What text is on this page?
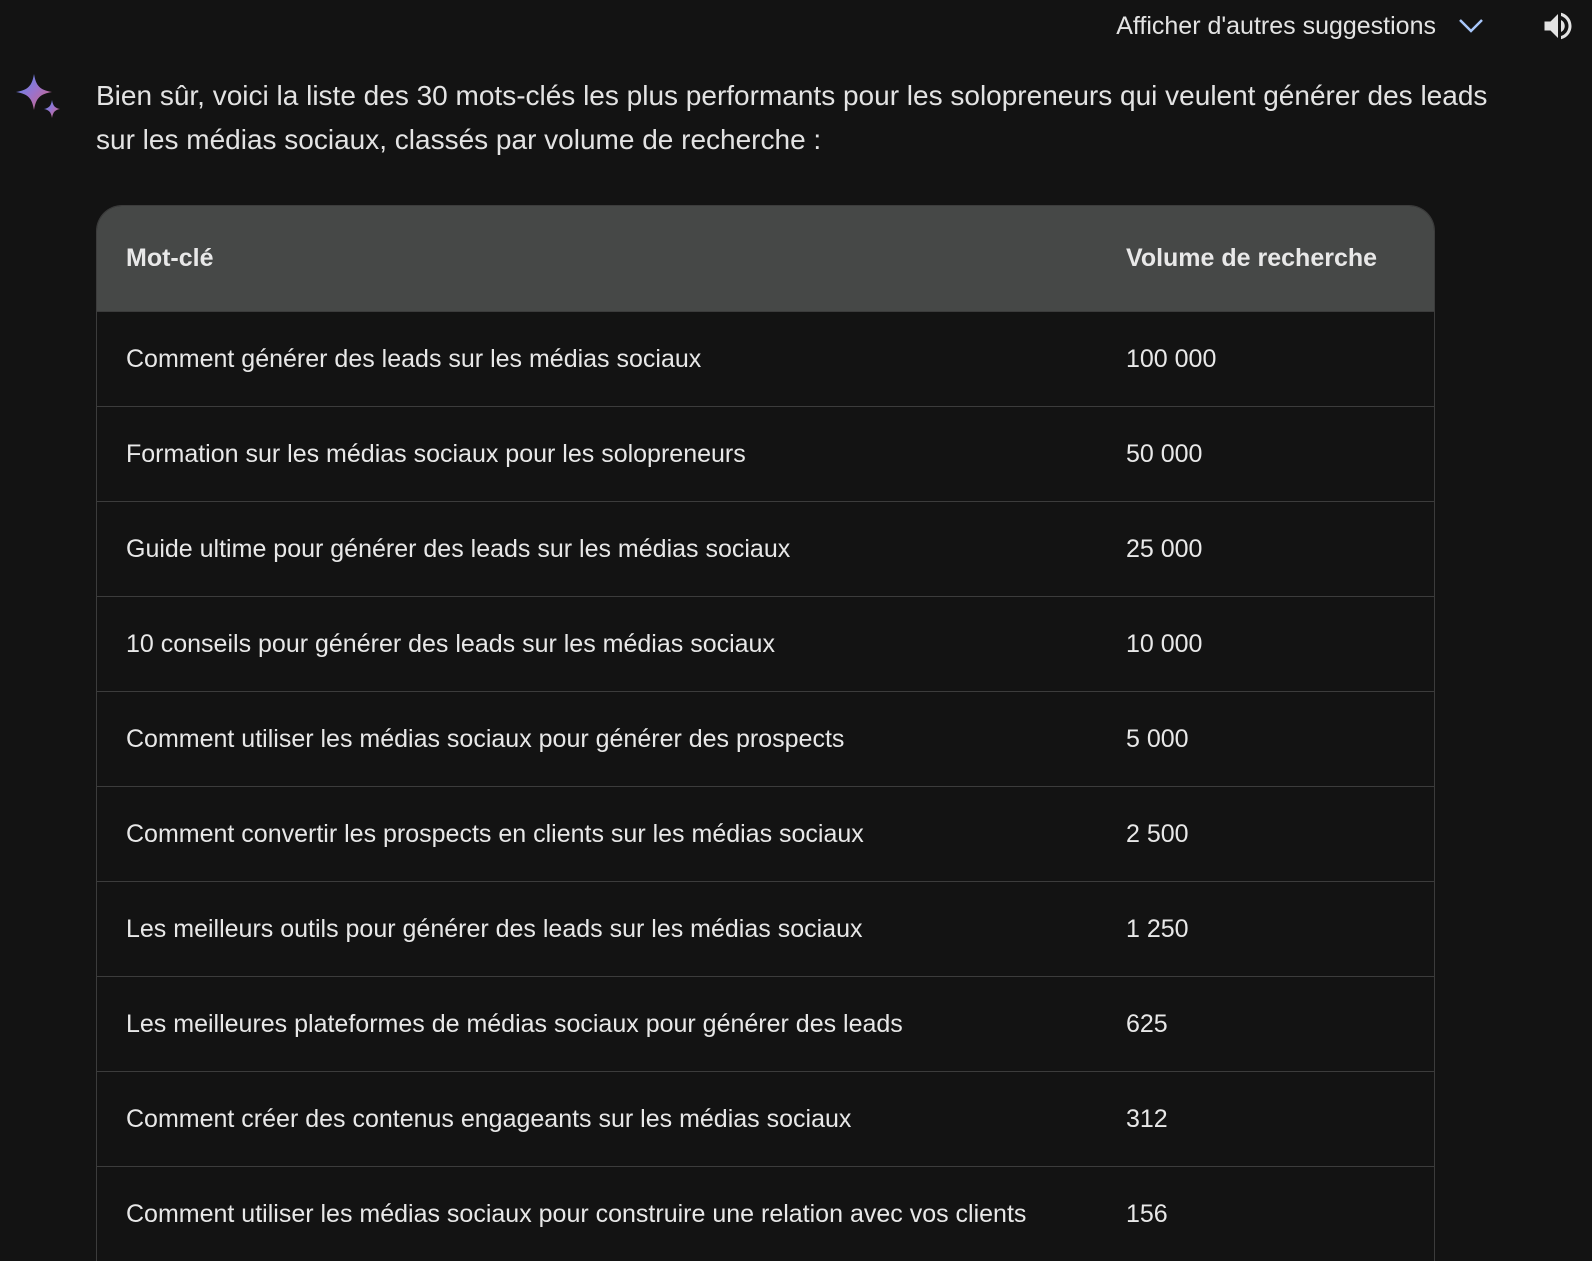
Afficher d'autres suggestions
Bien sûr, voici la liste des 30 mots-clés les plus performants pour les solopreneurs qui veulent générer des leads sur les médias sociaux, classés par volume de recherche :
Mot-clé	Volume de recherche
Comment générer des leads sur les médias sociaux	100 000
Formation sur les médias sociaux pour les solopreneurs	50 000
Guide ultime pour générer des leads sur les médias sociaux	25 000
10 conseils pour générer des leads sur les médias sociaux	10 000
Comment utiliser les médias sociaux pour générer des prospects	5 000
Comment convertir les prospects en clients sur les médias sociaux	2 500
Les meilleurs outils pour générer des leads sur les médias sociaux	1 250
Les meilleures plateformes de médias sociaux pour générer des leads	625
Comment créer des contenus engageants sur les médias sociaux	312
Comment utiliser les médias sociaux pour construire une relation avec vos clients	156
